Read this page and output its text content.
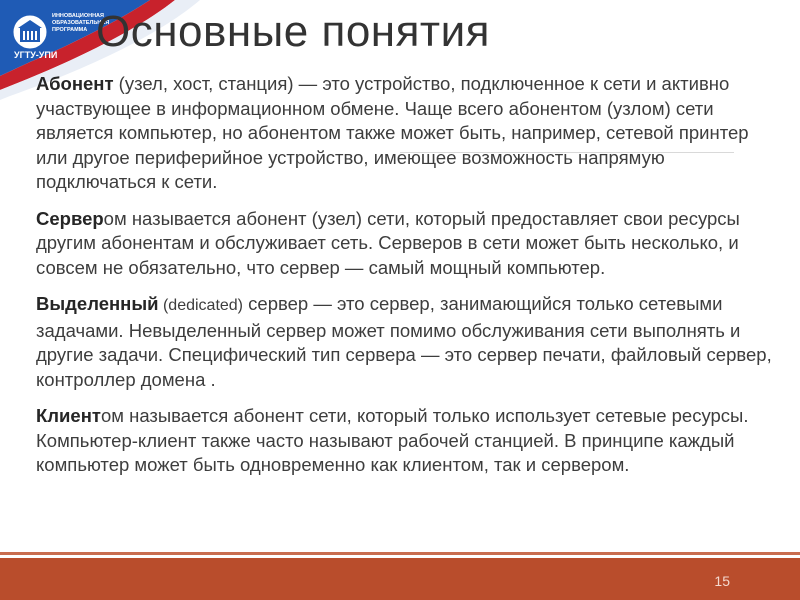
ИННОВАЦИОННАЯ
ОБРАЗОВАТЕЛЬНАЯ
ПРОГРАММА
УГТУ-УПИ Основные понятия

Абонент (узел, хост, станция) — это устройство, подключенное к сети и активно участвующее в информационном обмене. Чаще всего абонентом (узлом) сети является компьютер, но абонентом также может быть, например, сетевой принтер или другое периферийное устройство, имеющее возможность напрямую подключаться к сети.

Сервером называется абонент (узел) сети, который предоставляет свои ресурсы другим абонентам и обслуживает сеть. Серверов в сети может быть несколько, и совсем не обязательно, что сервер — самый мощный компьютер.

Выделенный (dedicated) сервер — это сервер, занимающийся только сетевыми задачами. Невыделенный сервер может помимо обслуживания сети выполнять и другие задачи. Специфический тип сервера — это сервер печати, файловый сервер, контроллер домена .

Клиентом называется абонент сети, который только использует сетевые ресурсы. Компьютер-клиент также часто называют рабочей станцией. В принципе каждый компьютер может быть одновременно как клиентом, так и сервером.

15
